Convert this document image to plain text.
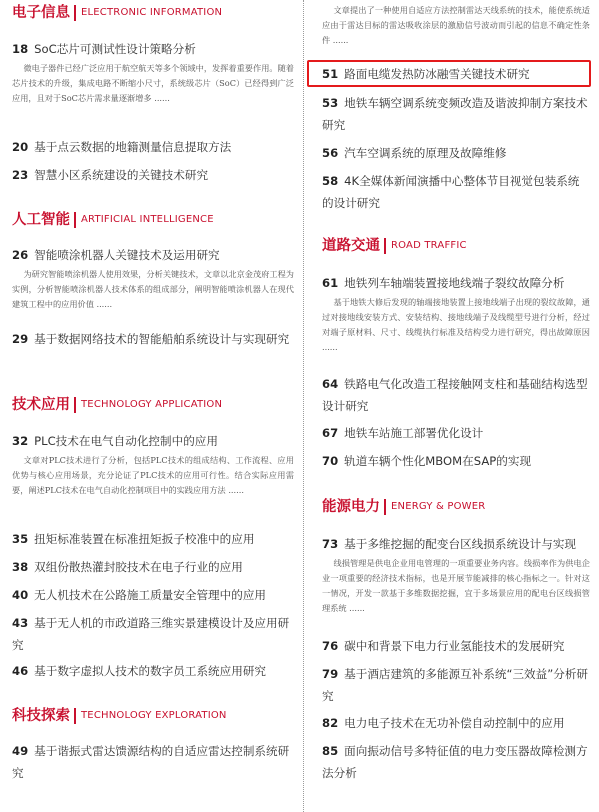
电子信息 ELECTRONIC INFORMATION
18 SoC芯片可测试性设计策略分析
微电子器件已经广泛应用于航空航天等多个领域中，发挥着重要作用。随着芯片技术的升级，集成电路不断缩小尺寸，系统级芯片（SoC）已经得到广泛应用，且对于SoC芯片需求量逐渐增多 ......
20 基于点云数据的地籍测量信息提取方法
23 智慧小区系统建设的关键技术研究
人工智能 ARTIFICIAL INTELLIGENCE
26 智能喷涂机器人关键技术及运用研究
为研究智能喷涂机器人使用效果，分析关键技术，文章以北京金茂府工程为实例，分析智能喷涂机器人技术体系的组成部分，阐明智能喷涂机器人在现代建筑工程中的应用价值 ......
29 基于数据网络技术的智能船舶系统设计与实现研究
技术应用 TECHNOLOGY APPLICATION
32 PLC技术在电气自动化控制中的应用
文章对PLC技术进行了分析，包括PLC技术的组成结构、工作流程、应用优势与核心应用场景，充分论证了PLC技术的应用可行性。结合实际应用需要，阐述PLC技术在电气自动化控制项目中的实践应用方法 ......
35 扭矩标准装置在标准扭矩扳子校准中的应用
38 双组份散热灌封胶技术在电子行业的应用
40 无人机技术在公路施工质量安全管理中的应用
43 基于无人机的市政道路三维实景建模设计及应用研究
46 基于数字虚拟人技术的数字员工系统应用研究
科技探索 TECHNOLOGY EXPLORATION
49 基于谐振式雷达馈源结构的自适应雷达控制系统研究
文章提出了一种使用自适应方法控制雷达天线系统的技术，能使系统适应由于雷达目标的雷达吸收涂层的激励信号波动而引起的信息不确定性条件 ......
51 路面电缆发热防冰融雪关键技术研究
53 地铁车辆空调系统变频改造及谐波抑制方案技术研究
56 汽车空调系统的原理及故障维修
58 4K全媒体新闻演播中心整体节目视觉包装系统的设计研究
道路交通 ROAD TRAFFIC
61 地铁列车轴端装置接地线端子裂纹故障分析
基于地铁大修后发现的轴端接地装置上接地线端子出现的裂纹故障，通过对接地线安装方式、安装结构、接地线端子及线缆型号进行分析，经过对端子原材料、尺寸、线缆执行标准及结构受力进行研究，得出故障原因 ......
64 铁路电气化改造工程接触网支柱和基础结构选型设计研究
67 地铁车站施工部署优化设计
70 轨道车辆个性化MBOM在SAP的实现
能源电力 ENERGY & POWER
73 基于多维挖掘的配变台区线损系统设计与实现
线损管理是供电企业用电管理的一项重要业务内容。线损率作为供电企业一项重要的经济技术指标，也是开展节能减排的核心指标之一。针对这一情况，开发一款基于多维数据挖掘，宜于多场景应用的配电台区线损管理系统 ......
76 碳中和背景下电力行业氢能技术的发展研究
79 基于酒店建筑的多能源互补系统“三效益”分析研究
82 电力电子技术在无功补偿自动控制中的应用
85 面向振动信号多特征值的电力变压器故障检测方法分析
